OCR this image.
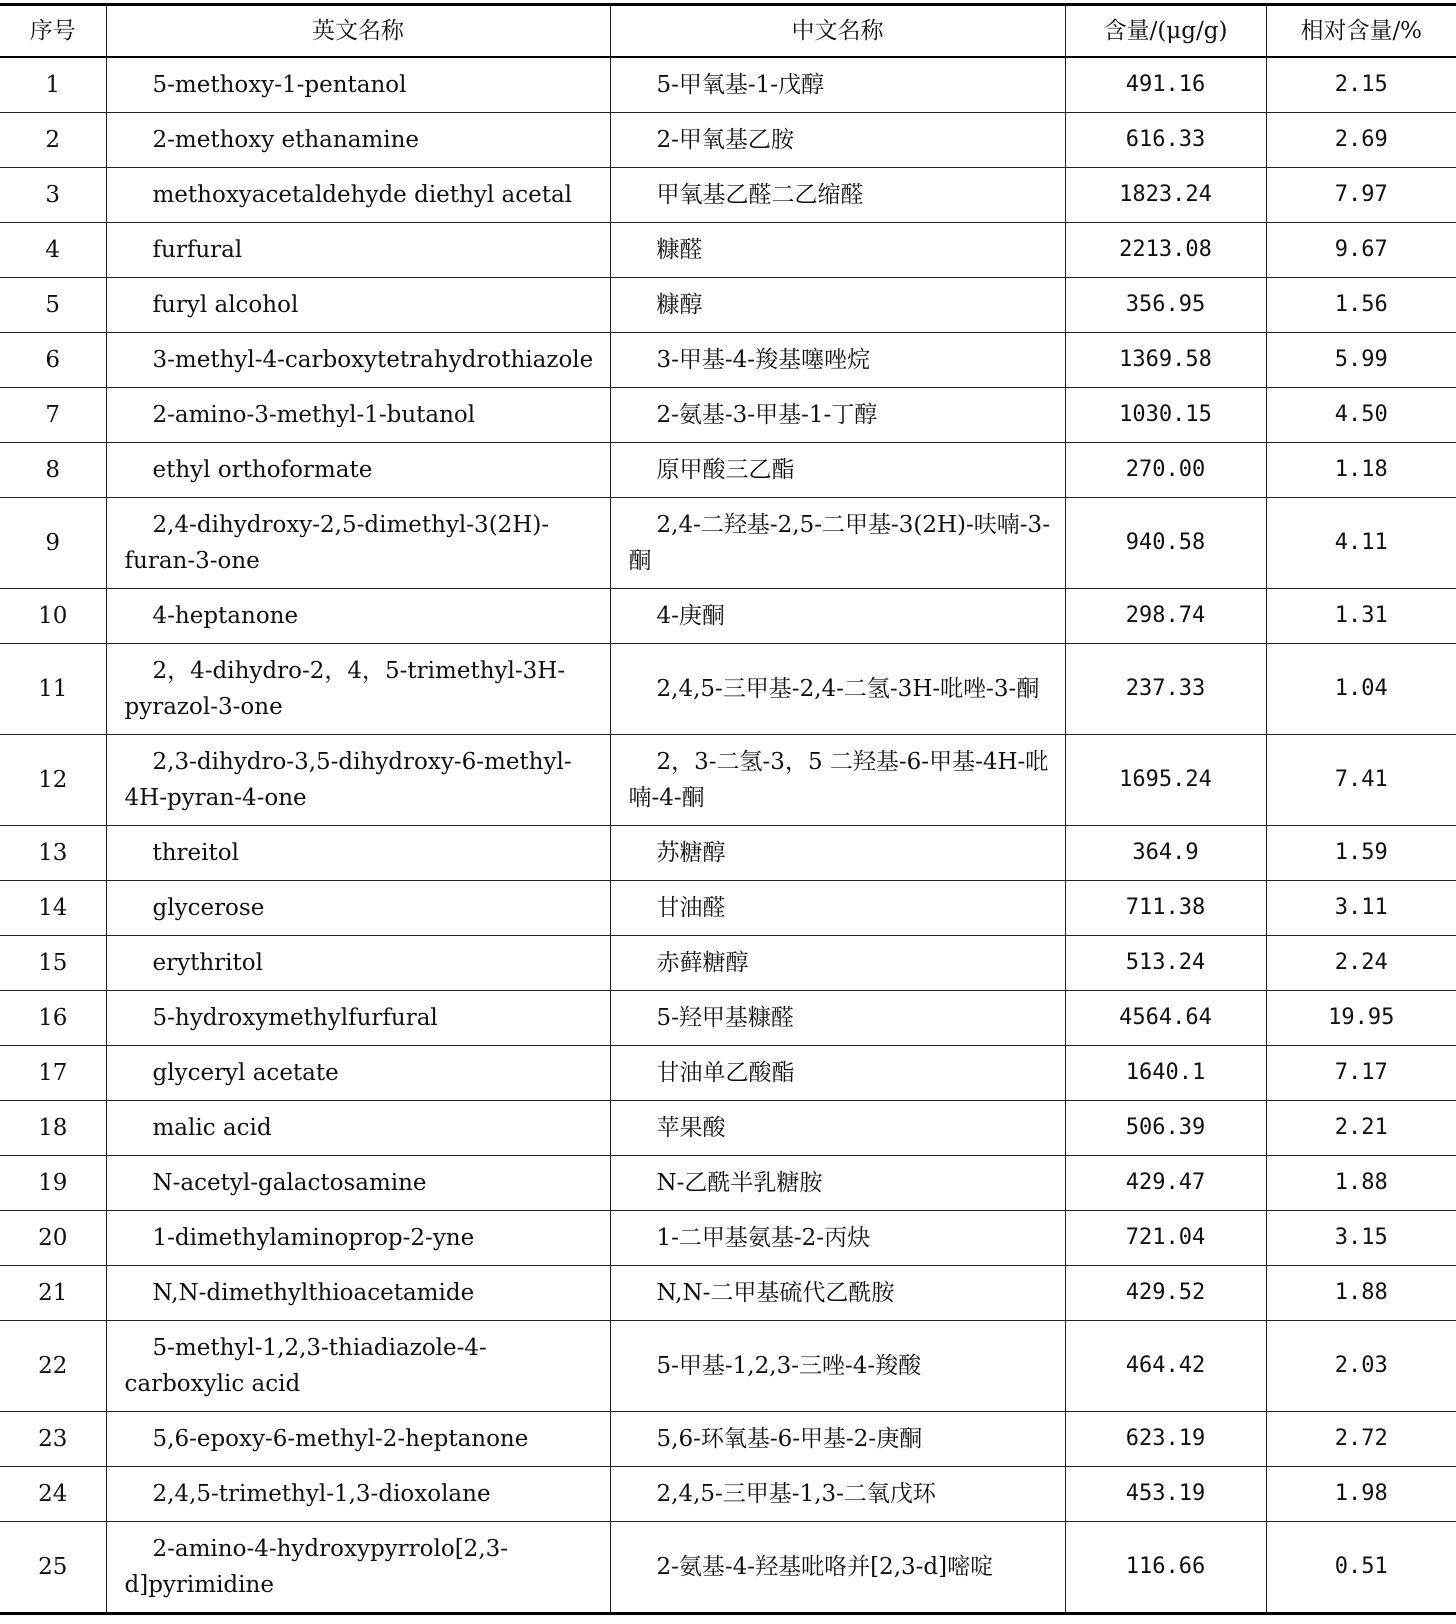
序号	英文名称	中文名称	含量/(μg/g)	相对含量/%
1	5-methoxy-1-pentanol	5-甲氧基-1-戊醇	491.16	2.15
2	2-methoxy ethanamine	2-甲氧基乙胺	616.33	2.69
3	methoxyacetaldehyde diethyl acetal	甲氧基乙醛二乙缩醛	1823.24	7.97
4	furfural	糠醛	2213.08	9.67
5	furyl alcohol	糠醇	356.95	1.56
6	3-methyl-4-carboxytetrahydrothiazole	3-甲基-4-羧基噻唑烷	1369.58	5.99
7	2-amino-3-methyl-1-butanol	2-氨基-3-甲基-1-丁醇	1030.15	4.50
8	ethyl orthoformate	原甲酸三乙酯	270.00	1.18
9	2,4-dihydroxy-2,5-dimethyl-3(2H)-furan-3-one	2,4-二羟基-2,5-二甲基-3(2H)-呋喃-3-酮	940.58	4.11
10	4-heptanone	4-庚酮	298.74	1.31
11	2，4-dihydro-2，4，5-trimethyl-3H-pyrazol-3-one	2,4,5-三甲基-2,4-二氢-3H-吡唑-3-酮	237.33	1.04
12	2,3-dihydro-3,5-dihydroxy-6-methyl-4H-pyran-4-one	2，3-二氢-3，5 二羟基-6-甲基-4H-吡喃-4-酮	1695.24	7.41
13	threitol	苏糖醇	364.9	1.59
14	glycerose	甘油醛	711.38	3.11
15	erythritol	赤藓糖醇	513.24	2.24
16	5-hydroxymethylfurfural	5-羟甲基糠醛	4564.64	19.95
17	glyceryl acetate	甘油单乙酸酯	1640.1	7.17
18	malic acid	苹果酸	506.39	2.21
19	N-acetyl-galactosamine	N-乙酰半乳糖胺	429.47	1.88
20	1-dimethylaminoprop-2-yne	1-二甲基氨基-2-丙炔	721.04	3.15
21	N,N-dimethylthioacetamide	N,N-二甲基硫代乙酰胺	429.52	1.88
22	5-methyl-1,2,3-thiadiazole-4-carboxylic acid	5-甲基-1,2,3-三唑-4-羧酸	464.42	2.03
23	5,6-epoxy-6-methyl-2-heptanone	5,6-环氧基-6-甲基-2-庚酮	623.19	2.72
24	2,4,5-trimethyl-1,3-dioxolane	2,4,5-三甲基-1,3-二氧戊环	453.19	1.98
25	2-amino-4-hydroxypyrrolo[2,3-d]pyrimidine	2-氨基-4-羟基吡咯并[2,3-d]嘧啶	116.66	0.51
